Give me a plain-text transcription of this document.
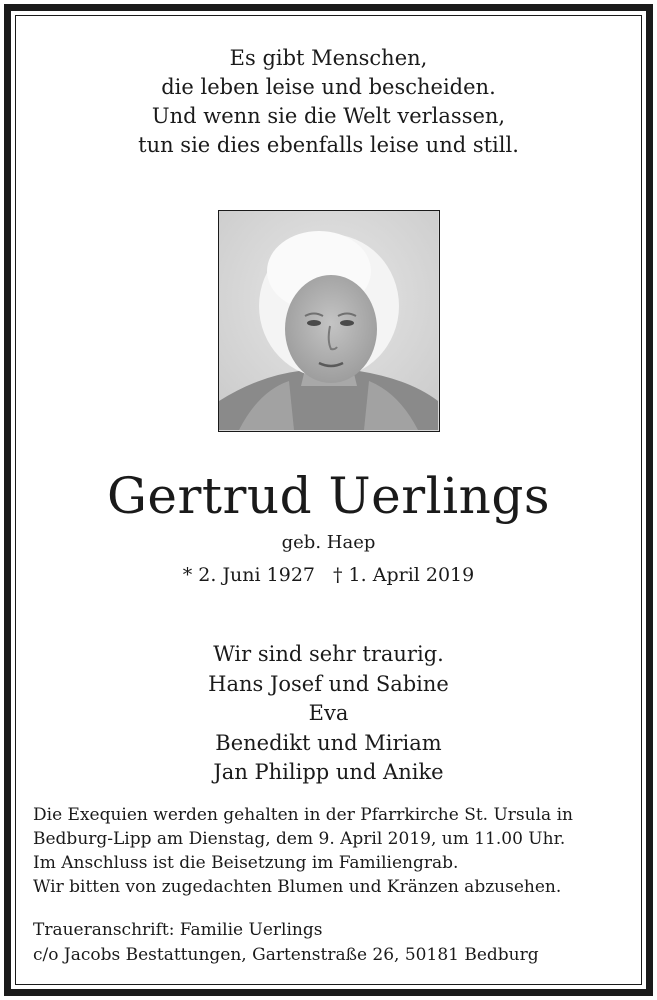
Es gibt Menschen,
die leben leise und bescheiden.
Und wenn sie die Welt verlassen,
tun sie dies ebenfalls leise und still.
Gertrud Uerlings
geb. Haep
* 2. Juni 1927 † 1. April 2019
Wir sind sehr traurig.
Hans Josef und Sabine
Eva
Benedikt und Miriam
Jan Philipp und Anike
Die Exequien werden gehalten in der Pfarrkirche St. Ursula in
Bedburg-Lipp am Dienstag, dem 9. April 2019, um 11.00 Uhr.
Im Anschluss ist die Beisetzung im Familiengrab.
Wir bitten von zugedachten Blumen und Kränzen abzusehen.
Traueranschrift: Familie Uerlings
c/o Jacobs Bestattungen, Gartenstraße 26, 50181 Bedburg
